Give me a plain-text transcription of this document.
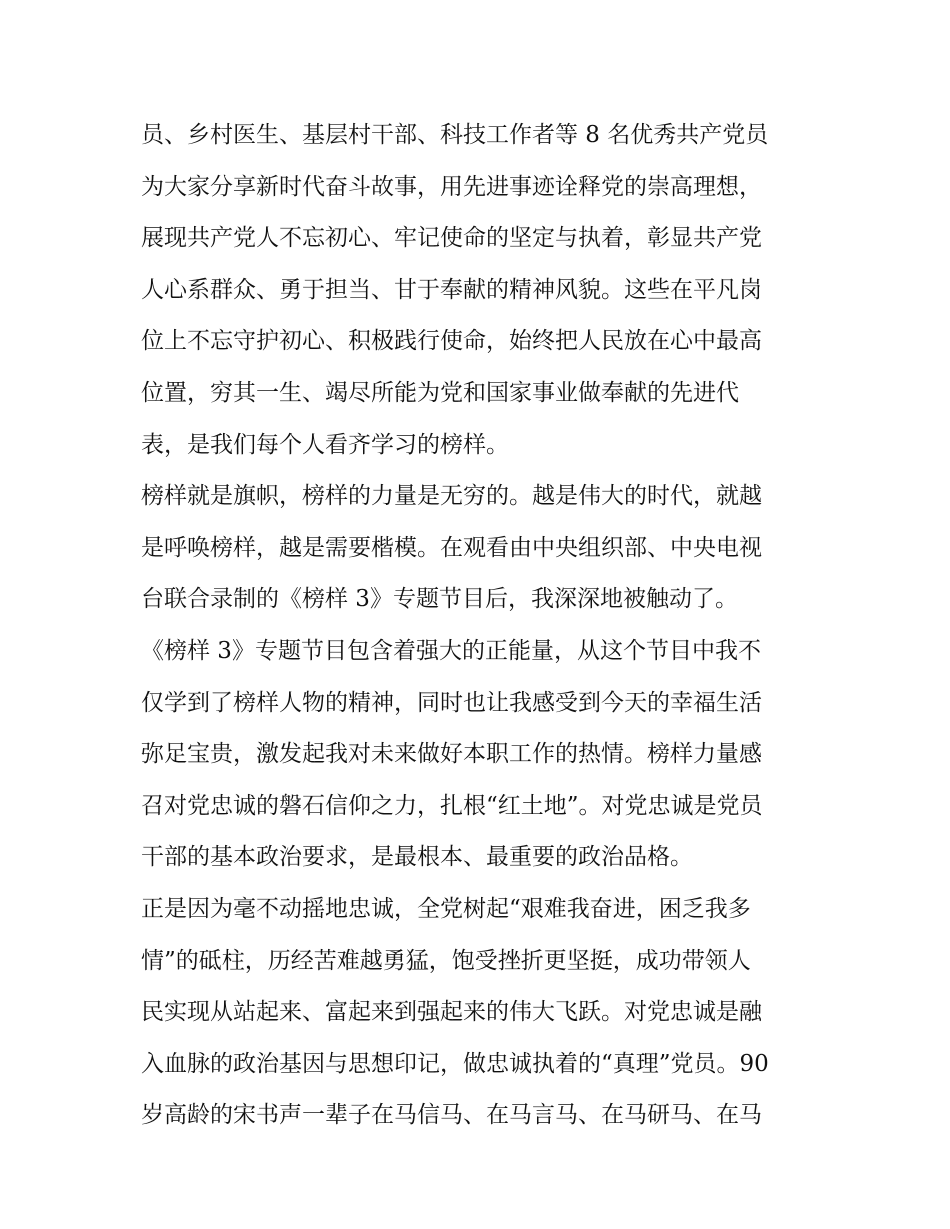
员、乡村医生、基层村干部、科技工作者等 8 名优秀共产党员
为大家分享新时代奋斗故事，用先进事迹诠释党的崇高理想，
展现共产党人不忘初心、牢记使命的坚定与执着，彰显共产党
人心系群众、勇于担当、甘于奉献的精神风貌。这些在平凡岗
位上不忘守护初心、积极践行使命，始终把人民放在心中最高
位置，穷其一生、竭尽所能为党和国家事业做奉献的先进代
表，是我们每个人看齐学习的榜样。
榜样就是旗帜，榜样的力量是无穷的。越是伟大的时代，就越
是呼唤榜样，越是需要楷模。在观看由中央组织部、中央电视
台联合录制的《榜样 3》专题节目后，我深深地被触动了。
《榜样 3》专题节目包含着强大的正能量，从这个节目中我不
仅学到了榜样人物的精神，同时也让我感受到今天的幸福生活
弥足宝贵，激发起我对未来做好本职工作的热情。榜样力量感
召对党忠诚的磐石信仰之力，扎根“红土地”。对党忠诚是党员
干部的基本政治要求，是最根本、最重要的政治品格。
正是因为毫不动摇地忠诚，全党树起“艰难我奋进，困乏我多
情”的砥柱，历经苦难越勇猛，饱受挫折更坚挺，成功带领人
民实现从站起来、富起来到强起来的伟大飞跃。对党忠诚是融
入血脉的政治基因与思想印记，做忠诚执着的“真理”党员。90
岁高龄的宋书声一辈子在马信马、在马言马、在马研马、在马
